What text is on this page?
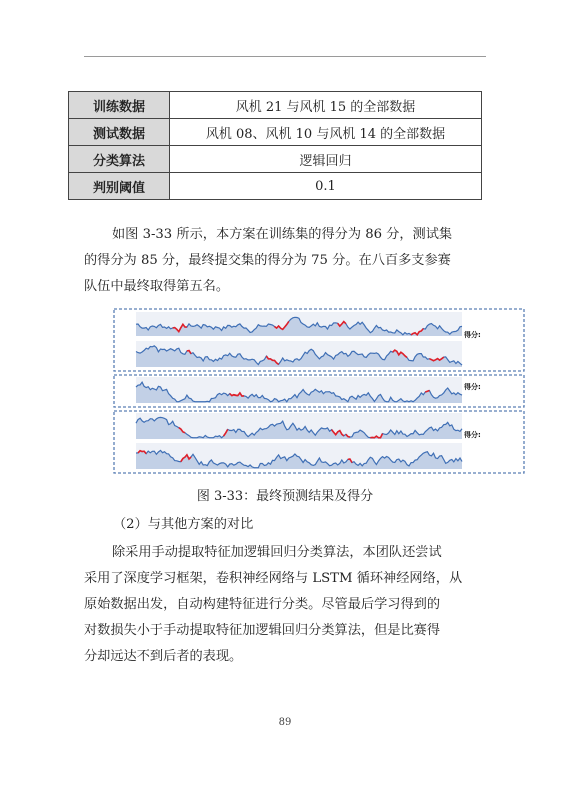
训练数据	风机 21 与风机 15 的全部数据
测试数据	风机 08、风机 10 与风机 14 的全部数据
分类算法	逻辑回归
判别阈值	0.1

如图 3-33 所示，本方案在训练集的得分为 86 分，测试集
的得分为 85 分，最终提交集的得分为 75 分。在八百多支参赛
队伍中最终取得第五名。

得分:
得分:
得分:
图 3-33：最终预测结果及得分
（2）与其他方案的对比

除采用手动提取特征加逻辑回归分类算法，本团队还尝试
采用了深度学习框架，卷积神经网络与 LSTM 循环神经网络，从
原始数据出发，自动构建特征进行分类。尽管最后学习得到的
对数损失小于手动提取特征加逻辑回归分类算法，但是比赛得
分却远达不到后者的表现。

89
